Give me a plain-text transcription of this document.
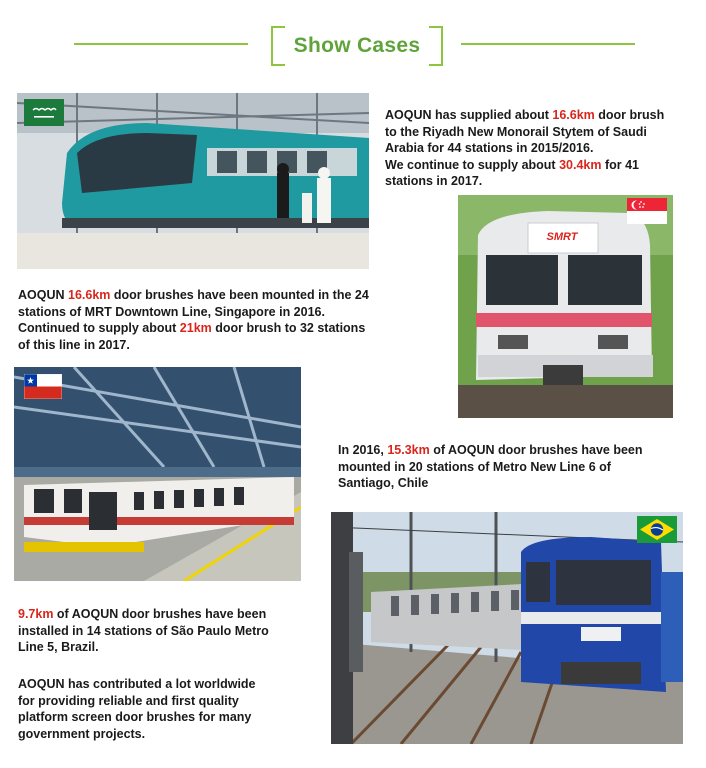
Show Cases
AOQUN has supplied about 16.6km door brush
to the Riyadh New Monorail Stytem of Saudi
Arabia for 44 stations in 2015/2016.
We continue to supply about 30.4km for 41
stations in 2017.
SMRT
AOQUN 16.6km door brushes have been mounted in the 24
stations of MRT Downtown Line, Singapore in 2016.
Continued to supply about 21km door brush to 32 stations
of this line in 2017.
In 2016, 15.3km of AOQUN door brushes have been
mounted in 20 stations of Metro New Line 6 of
Santiago, Chile
9.7km of AOQUN door brushes have been
installed in 14 stations of São Paulo Metro
Line 5, Brazil.
AOQUN has contributed a lot worldwide
for providing reliable and first quality
platform screen door brushes for many
government projects.
